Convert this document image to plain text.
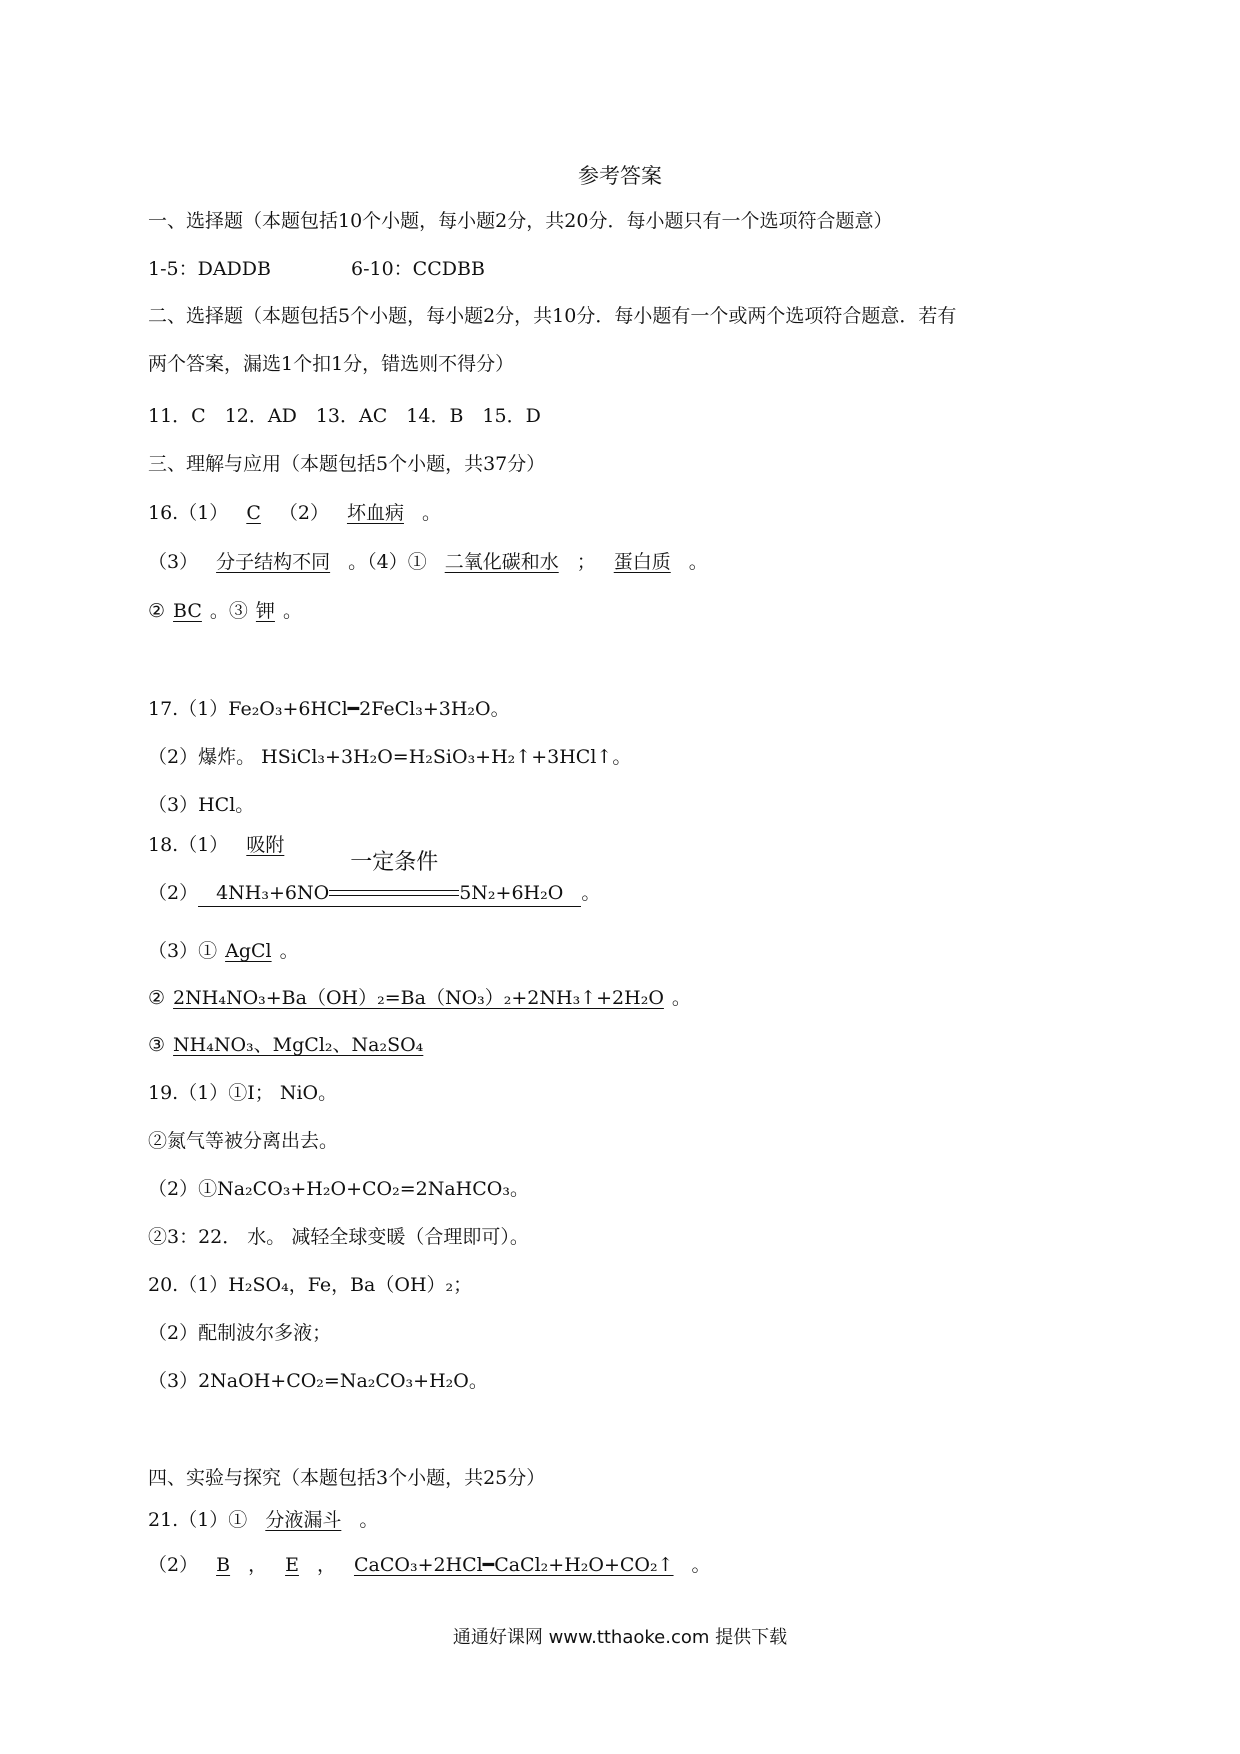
参考答案
一、选择题（本题包括10个小题，每小题2分，共20分．每小题只有一个选项符合题意）
1-5：DADDB	6-10：CCDBB
二、选择题（本题包括5个小题，每小题2分，共10分．每小题有一个或两个选项符合题意．若有
两个答案，漏选1个扣1分，错选则不得分）
11．C　12．AD　13．AC　14．B　15．D
三、理解与应用（本题包括5个小题，共37分）
16.（1） C （2） 坏血病 。
（3） 分子结构不同 。（4）① 二氧化碳和水 ； 蛋白质 。
② BC 。③ 钾 。
17.（1）Fe₂O₃+6HCl━2FeCl₃+3H₂O。
（2）爆炸。 HSiCl₃+3H₂O=H₂SiO₃+H₂↑+3HCl↑。
（3）HCl。
18.（1） 吸附
（2） 4NH₃+6NO
一定条件
5N₂+6H₂O 。
（3）① AgCl 。
② 2NH₄NO₃+Ba（OH）₂=Ba（NO₃）₂+2NH₃↑+2H₂O 。
③ NH₄NO₃、MgCl₂、Na₂SO₄
19.（1）①I； NiO。
②氮气等被分离出去。
（2）①Na₂CO₃+H₂O+CO₂=2NaHCO₃。
②3：22． 水。 减轻全球变暖（合理即可）。
20.（1）H₂SO₄，Fe，Ba（OH）₂；
（2）配制波尔多液；
（3）2NaOH+CO₂=Na₂CO₃+H₂O。
四、实验与探究（本题包括3个小题，共25分）
21.（1）① 分液漏斗 。
（2） B ， E ， CaCO₃+2HCl━CaCl₂+H₂O+CO₂↑ 。
通通好课网 www.tthaoke.com 提供下载
